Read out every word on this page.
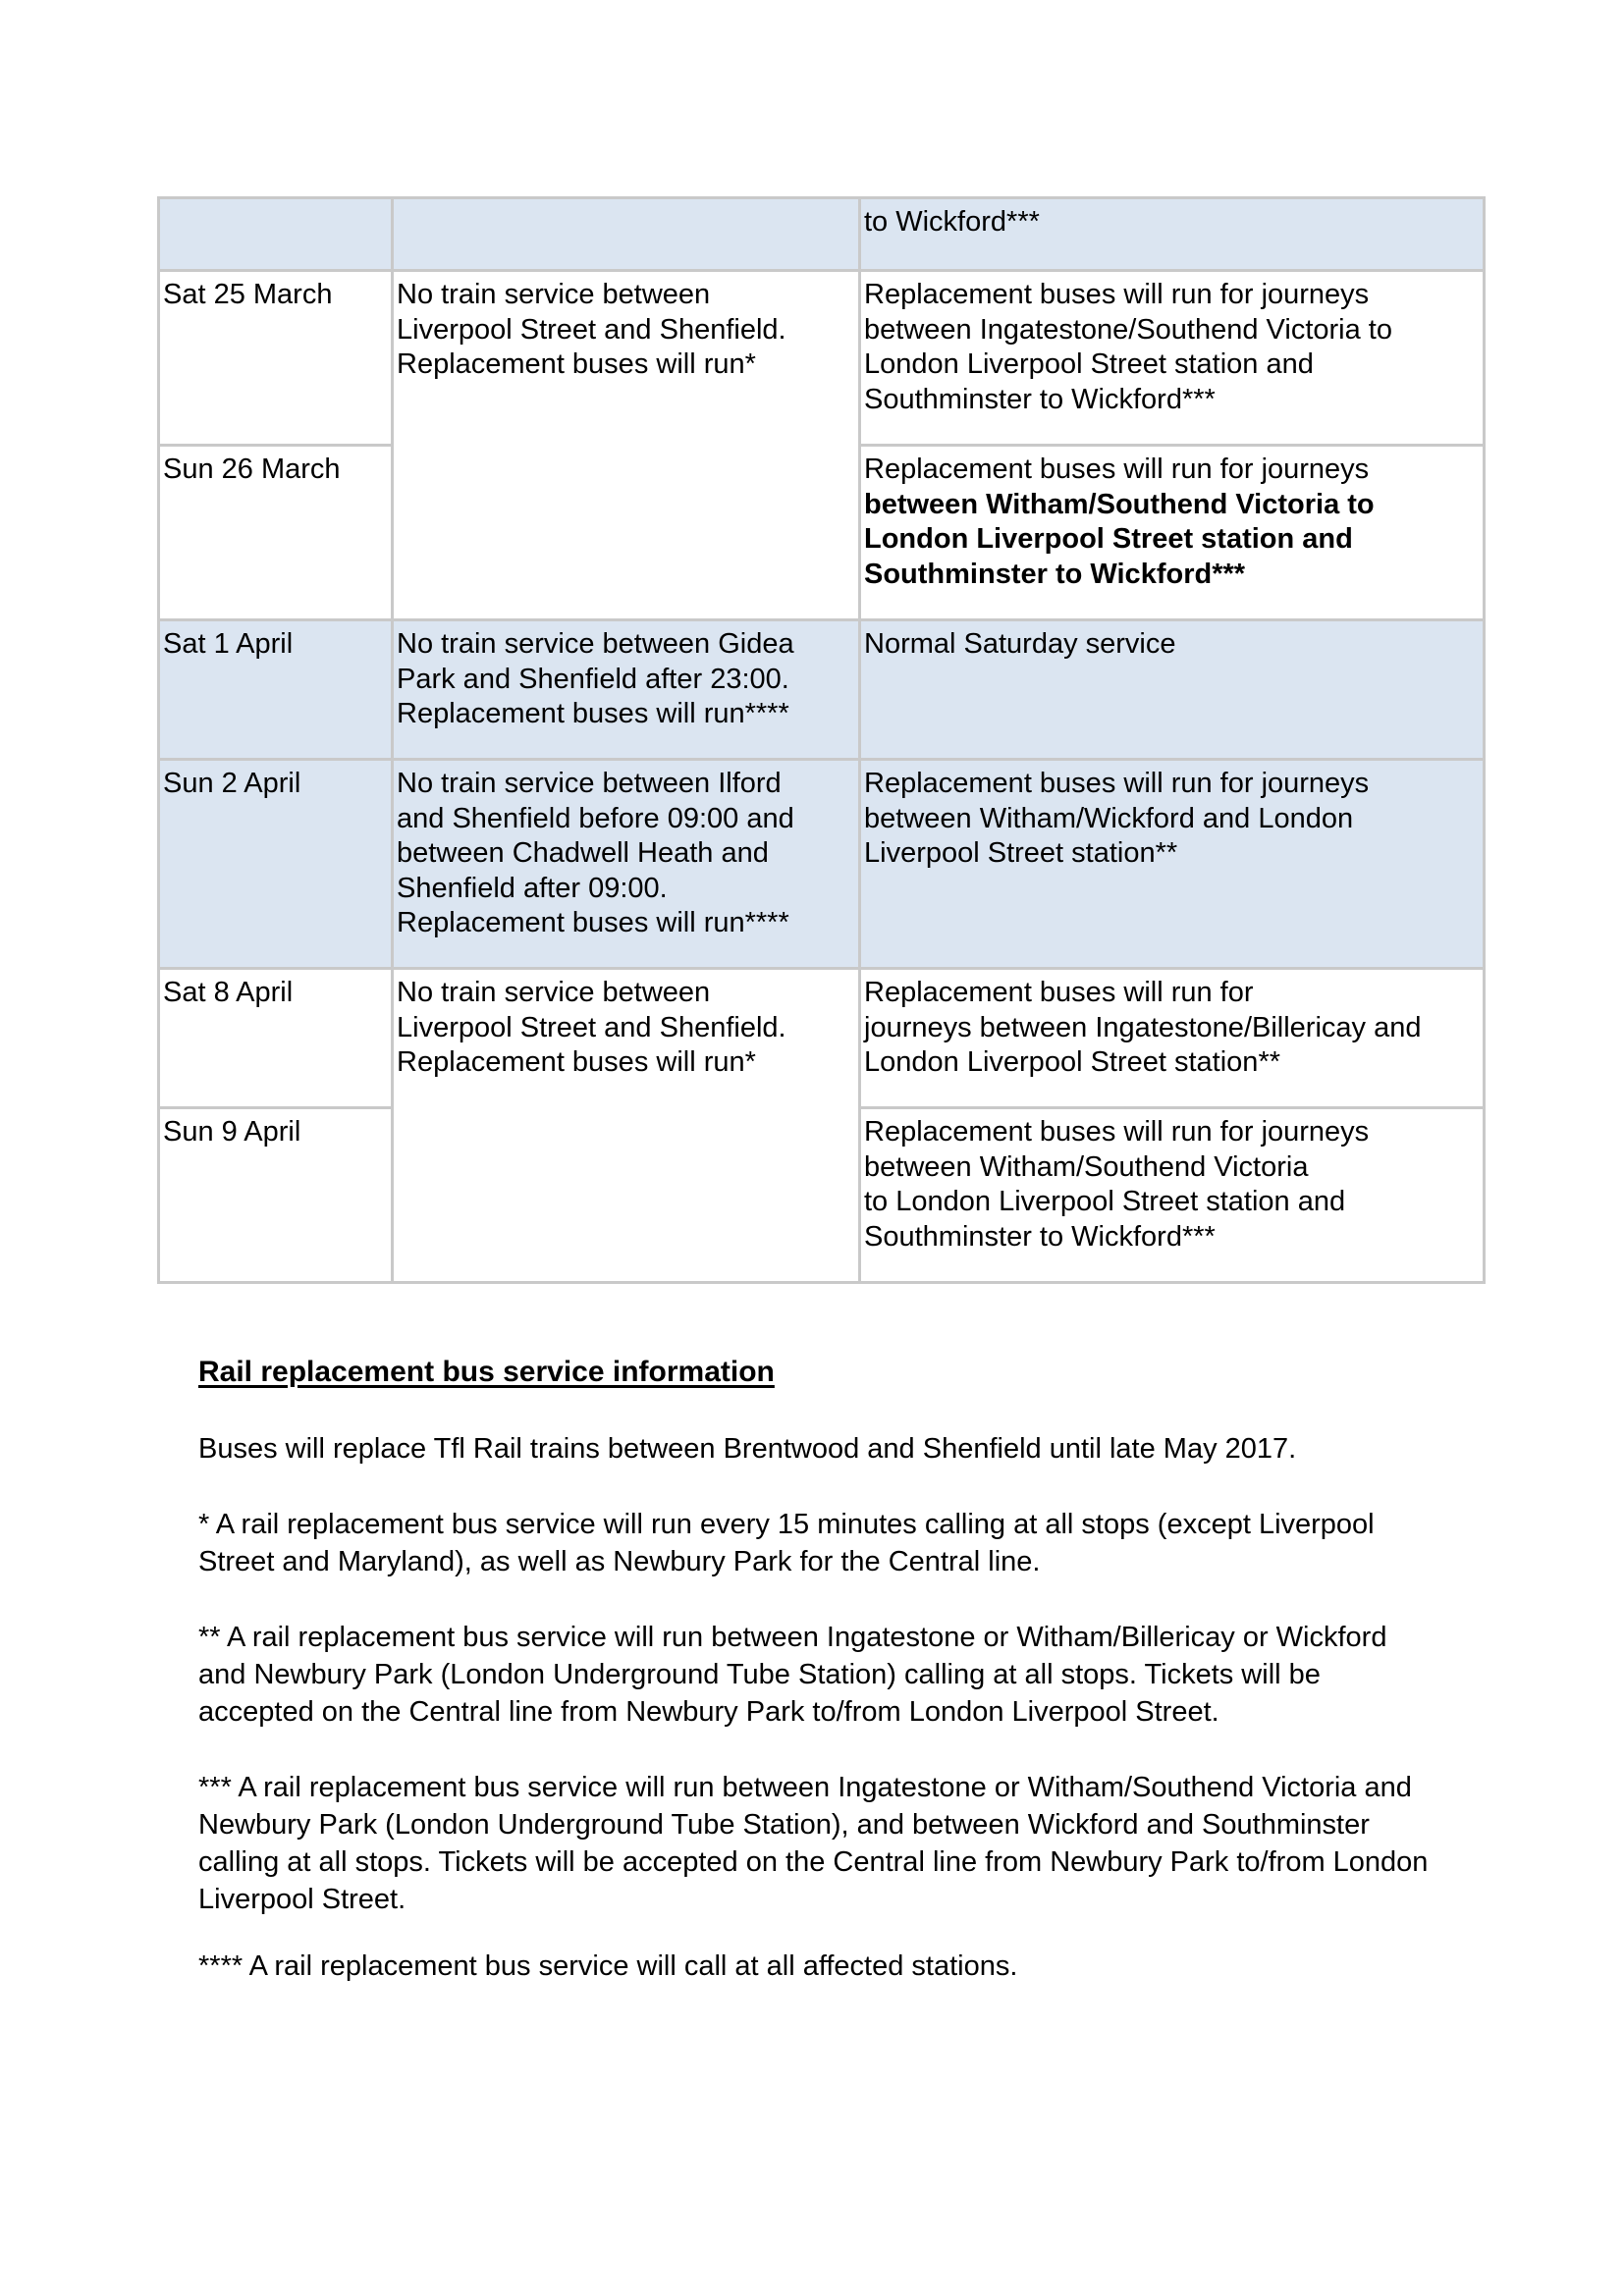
		to Wickford***
Sat 25 March	No train service between
Liverpool Street and Shenfield.
Replacement buses will run*	Replacement buses will run for journeys
between Ingatestone/Southend Victoria to
London Liverpool Street station and
Southminster to Wickford***
Sun 26 March		Replacement buses will run for journeys
between Witham/Southend Victoria to
London Liverpool Street station and
Southminster to Wickford***
Sat 1 April	No train service between Gidea
Park and Shenfield after 23:00.
Replacement buses will run****	Normal Saturday service
Sun 2 April	No train service between Ilford
and Shenfield before 09:00 and
between Chadwell Heath and
Shenfield after 09:00.
Replacement buses will run****	Replacement buses will run for journeys
between Witham/Wickford and London
Liverpool Street station**
Sat 8 April	No train service between
Liverpool Street and Shenfield.
Replacement buses will run*	Replacement buses will run for
journeys between Ingatestone/Billericay and
London Liverpool Street station**
Sun 9 April		Replacement buses will run for journeys
between Witham/Southend Victoria
to London Liverpool Street station and
Southminster to Wickford***
Rail replacement bus service information
Buses will replace Tfl Rail trains between Brentwood and Shenfield until late May 2017.
* A rail replacement bus service will run every 15 minutes calling at all stops (except Liverpool Street and Maryland), as well as Newbury Park for the Central line.
** A rail replacement bus service will run between Ingatestone or Witham/Billericay or Wickford and Newbury Park (London Underground Tube Station) calling at all stops. Tickets will be accepted on the Central line from Newbury Park to/from London Liverpool Street.
*** A rail replacement bus service will run between Ingatestone or Witham/Southend Victoria and Newbury Park (London Underground Tube Station), and between Wickford and Southminster calling at all stops. Tickets will be accepted on the Central line from Newbury Park to/from London Liverpool Street.
**** A rail replacement bus service will call at all affected stations.
